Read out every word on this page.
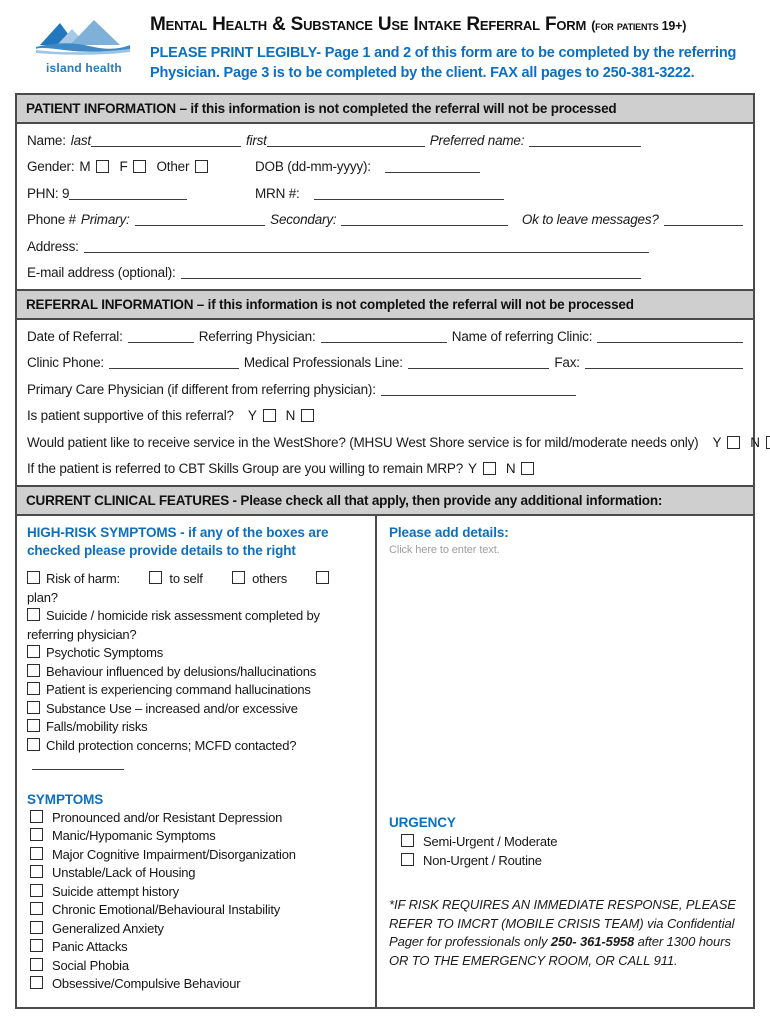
island health
Mental Health & Substance Use Intake Referral Form (for patients 19+)
PLEASE PRINT LEGIBLY- Page 1 and 2 of this form are to be completed by the referring Physician. Page 3 is to be completed by the client. FAX all pages to 250-381-3222.
PATIENT INFORMATION – if this information is not completed the referral will not be processed
Name: last	first	Preferred name:
Gender: M F Other	DOB (dd-mm-yyyy):
PHN: 9	MRN #:
Phone # Primary:	Secondary:	Ok to leave messages?
Address:
E-mail address (optional):
REFERRAL INFORMATION – if this information is not completed the referral will not be processed
Date of Referral:	Referring Physician:	Name of referring Clinic:
Clinic Phone:	Medical Professionals Line:	Fax:
Primary Care Physician (if different from referring physician):
Is patient supportive of this referral? Y N
Would patient like to receive service in the WestShore? (MHSU West Shore service is for mild/moderate needs only) Y N
If the patient is referred to CBT Skills Group are you willing to remain MRP? Y N
CURRENT CLINICAL FEATURES - Please check all that apply, then provide any additional information:
HIGH-RISK SYMPTOMS - if any of the boxes are checked please provide details to the right
Risk of harm:	to self	others plan?
Suicide / homicide risk assessment completed by referring physician?
Psychotic Symptoms
Behaviour influenced by delusions/hallucinations
Patient is experiencing command hallucinations
Substance Use – increased and/or excessive
Falls/mobility risks
Child protection concerns; MCFD contacted?
SYMPTOMS
Pronounced and/or Resistant Depression
Manic/Hypomanic Symptoms
Major Cognitive Impairment/Disorganization
Unstable/Lack of Housing
Suicide attempt history
Chronic Emotional/Behavioural Instability
Generalized Anxiety
Panic Attacks
Social Phobia
Obsessive/Compulsive Behaviour
Please add details:
Click here to enter text.
URGENCY
Semi-Urgent / Moderate
Non-Urgent / Routine
*IF RISK REQUIRES AN IMMEDIATE RESPONSE, PLEASE REFER TO IMCRT (MOBILE CRISIS TEAM) via Confidential Pager for professionals only 250- 361-5958 after 1300 hours OR TO THE EMERGENCY ROOM, OR CALL 911.
